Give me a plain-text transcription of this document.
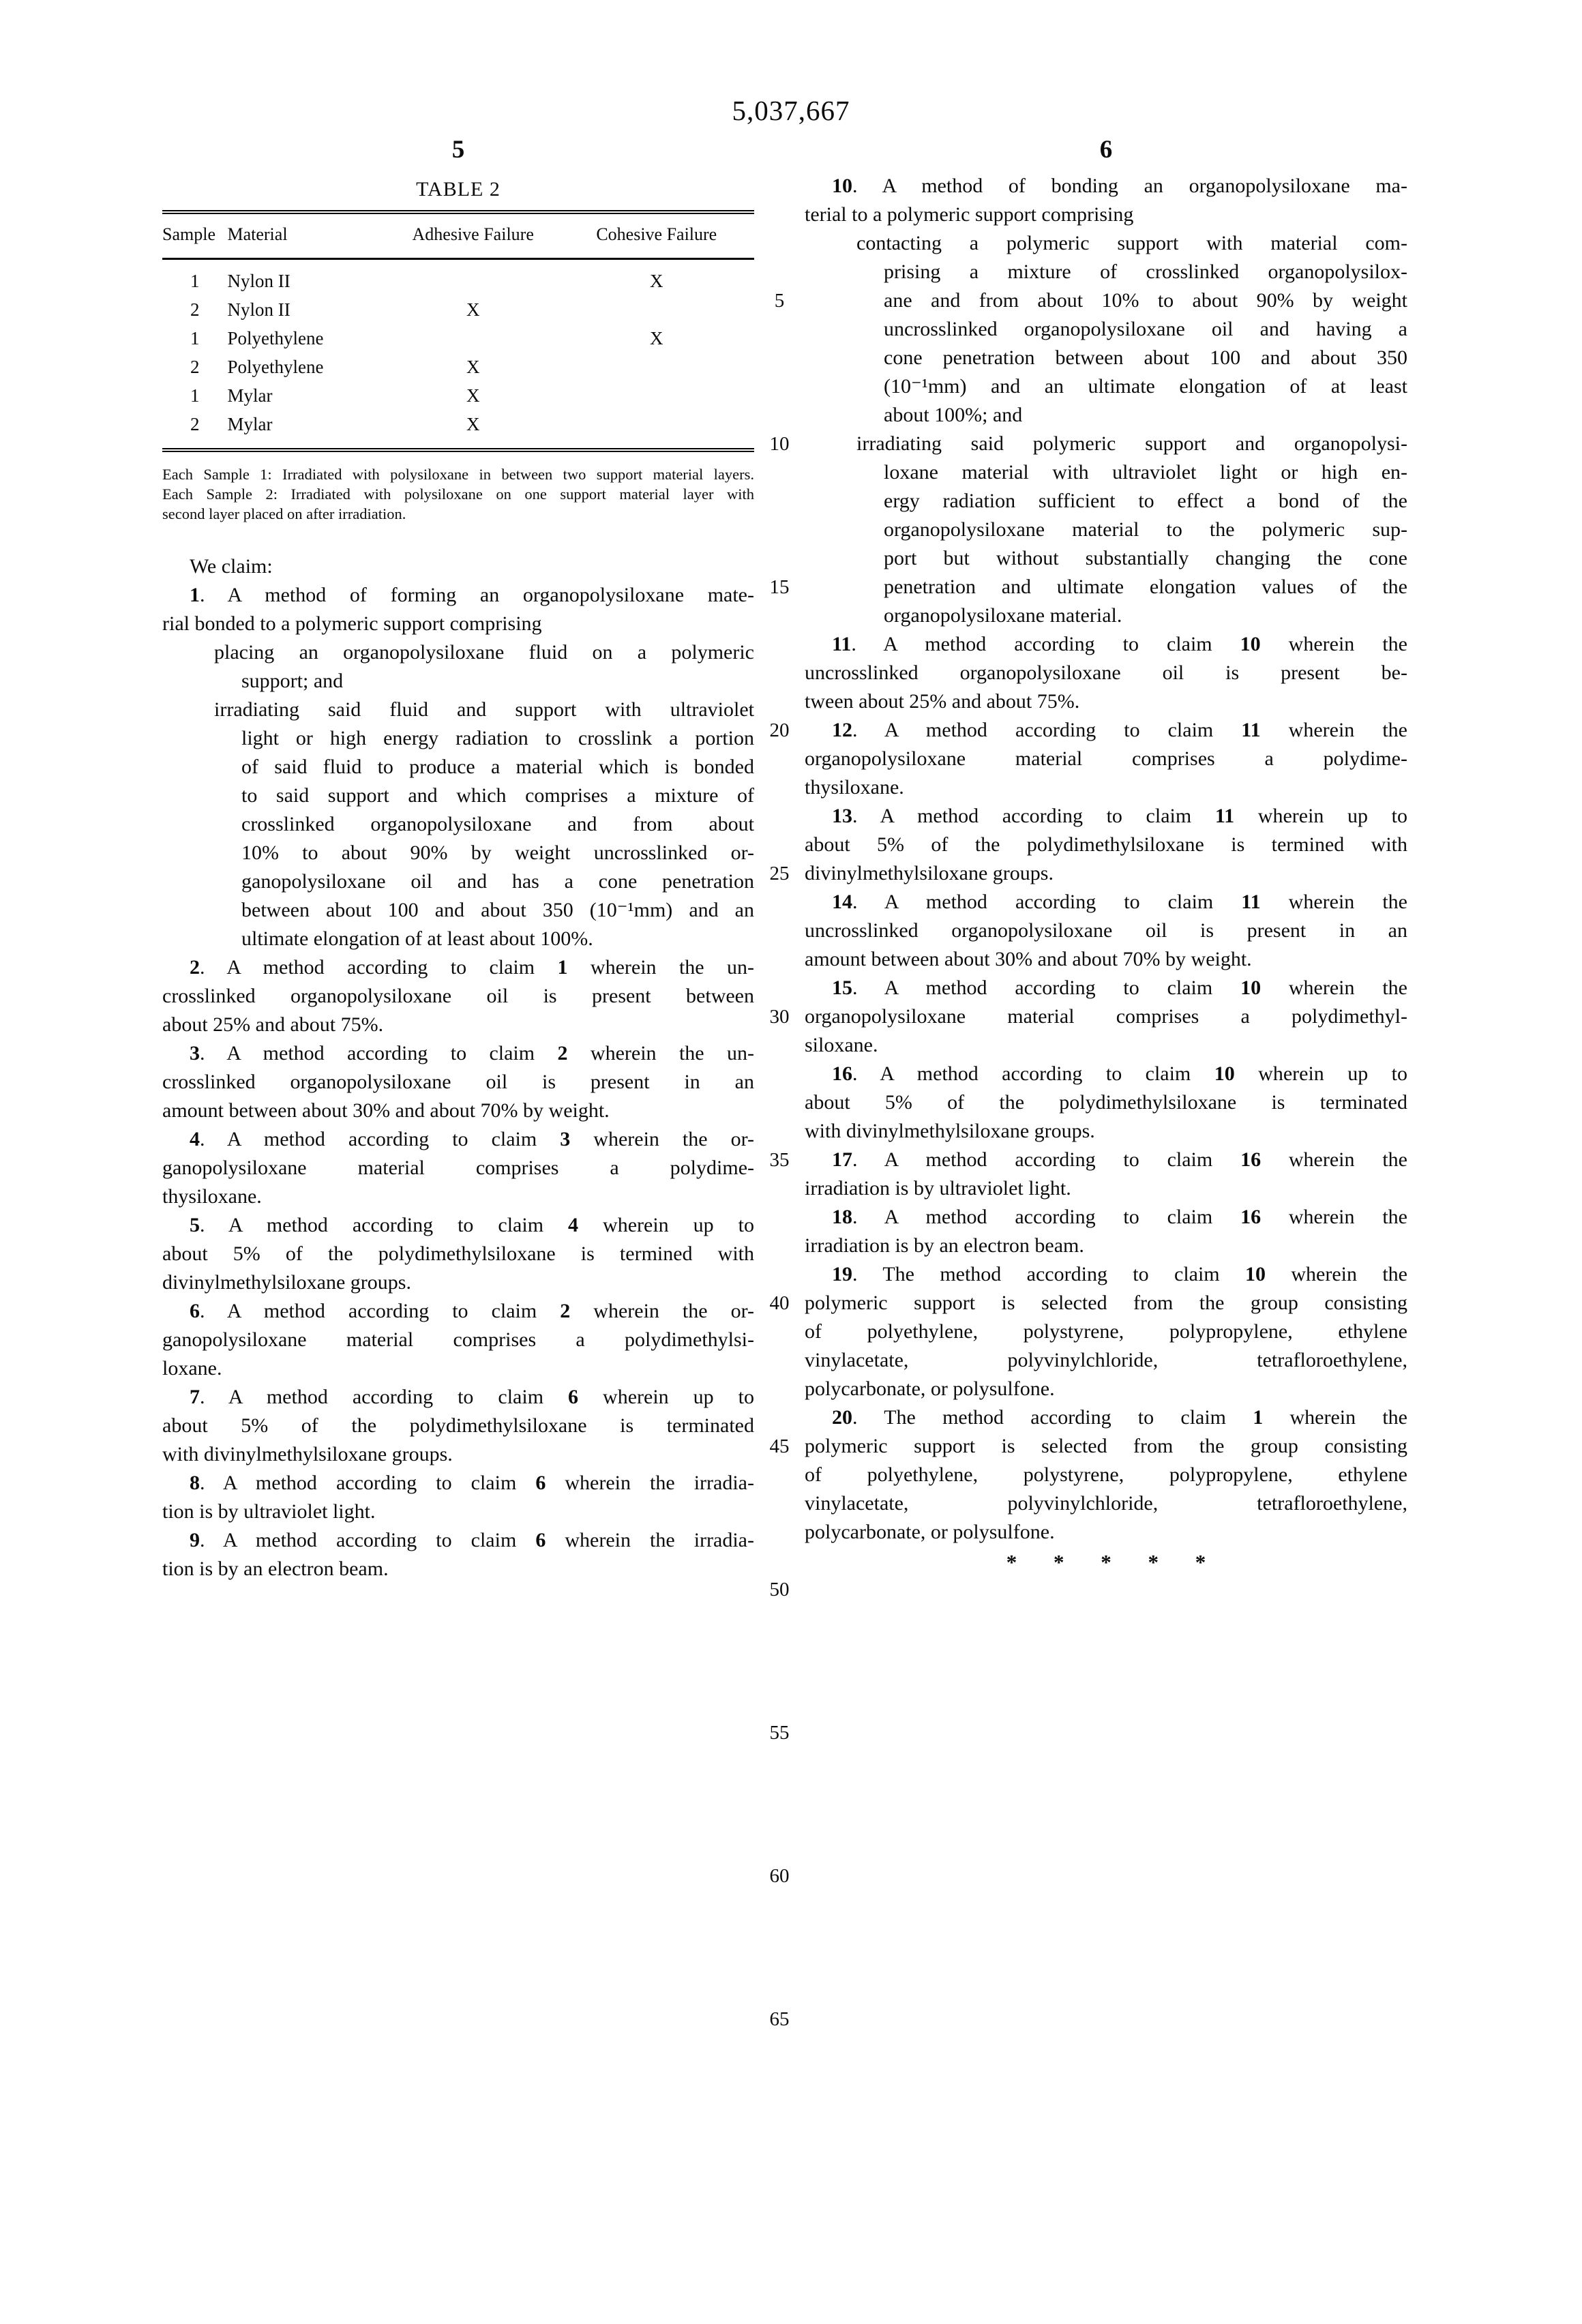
5,037,667
5	6
TABLE 2
Sample	Material	Adhesive Failure	Cohesive Failure
1	Nylon II		X
2	Nylon II	X	
1	Polyethylene		X
2	Polyethylene	X	
1	Mylar	X	
2	Mylar	X	
Each Sample 1: Irradiated with polysiloxane in between two support material layers.
Each Sample 2: Irradiated with polysiloxane on one support material layer with
second layer placed on after irradiation.
We claim:
1. A method of forming an organopolysiloxane mate-
rial bonded to a polymeric support comprising
placing an organopolysiloxane fluid on a polymeric
support; and
irradiating said fluid and support with ultraviolet
light or high energy radiation to crosslink a portion
of said fluid to produce a material which is bonded
to said support and which comprises a mixture of
crosslinked organopolysiloxane and from about
10% to about 90% by weight uncrosslinked or-
ganopolysiloxane oil and has a cone penetration
between about 100 and about 350 (10⁻¹mm) and an
ultimate elongation of at least about 100%.
2. A method according to claim 1 wherein the un-
crosslinked organopolysiloxane oil is present between
about 25% and about 75%.
3. A method according to claim 2 wherein the un-
crosslinked organopolysiloxane oil is present in an
amount between about 30% and about 70% by weight.
4. A method according to claim 3 wherein the or-
ganopolysiloxane material comprises a polydime-
thysiloxane.
5. A method according to claim 4 wherein up to
about 5% of the polydimethylsiloxane is termined with
divinylmethylsiloxane groups.
6. A method according to claim 2 wherein the or-
ganopolysiloxane material comprises a polydimethylsi-
loxane.
7. A method according to claim 6 wherein up to
about 5% of the polydimethylsiloxane is terminated
with divinylmethylsiloxane groups.
8. A method according to claim 6 wherein the irradia-
tion is by ultraviolet light.
9. A method according to claim 6 wherein the irradia-
tion is by an electron beam.
10. A method of bonding an organopolysiloxane ma-
terial to a polymeric support comprising
contacting a polymeric support with material com-
prising a mixture of crosslinked organopolysilox-
ane and from about 10% to about 90% by weight
uncrosslinked organopolysiloxane oil and having a
cone penetration between about 100 and about 350
(10⁻¹mm) and an ultimate elongation of at least
about 100%; and
irradiating said polymeric support and organopolysi-
loxane material with ultraviolet light or high en-
ergy radiation sufficient to effect a bond of the
organopolysiloxane material to the polymeric sup-
port but without substantially changing the cone
penetration and ultimate elongation values of the
organopolysiloxane material.
11. A method according to claim 10 wherein the
uncrosslinked organopolysiloxane oil is present be-
tween about 25% and about 75%.
12. A method according to claim 11 wherein the
organopolysiloxane material comprises a polydime-
thysiloxane.
13. A method according to claim 11 wherein up to
about 5% of the polydimethylsiloxane is termined with
divinylmethylsiloxane groups.
14. A method according to claim 11 wherein the
uncrosslinked organopolysiloxane oil is present in an
amount between about 30% and about 70% by weight.
15. A method according to claim 10 wherein the
organopolysiloxane material comprises a polydimethyl-
siloxane.
16. A method according to claim 10 wherein up to
about 5% of the polydimethylsiloxane is terminated
with divinylmethylsiloxane groups.
17. A method according to claim 16 wherein the
irradiation is by ultraviolet light.
18. A method according to claim 16 wherein the
irradiation is by an electron beam.
19. The method according to claim 10 wherein the
polymeric support is selected from the group consisting
of polyethylene, polystyrene, polypropylene, ethylene
vinylacetate, polyvinylchloride, tetrafloroethylene,
polycarbonate, or polysulfone.
20. The method according to claim 1 wherein the
polymeric support is selected from the group consisting
of polyethylene, polystyrene, polypropylene, ethylene
vinylacetate, polyvinylchloride, tetrafloroethylene,
polycarbonate, or polysulfone.
* * * * *
5
10
15
20
25
30
35
40
45
50
55
60
65
